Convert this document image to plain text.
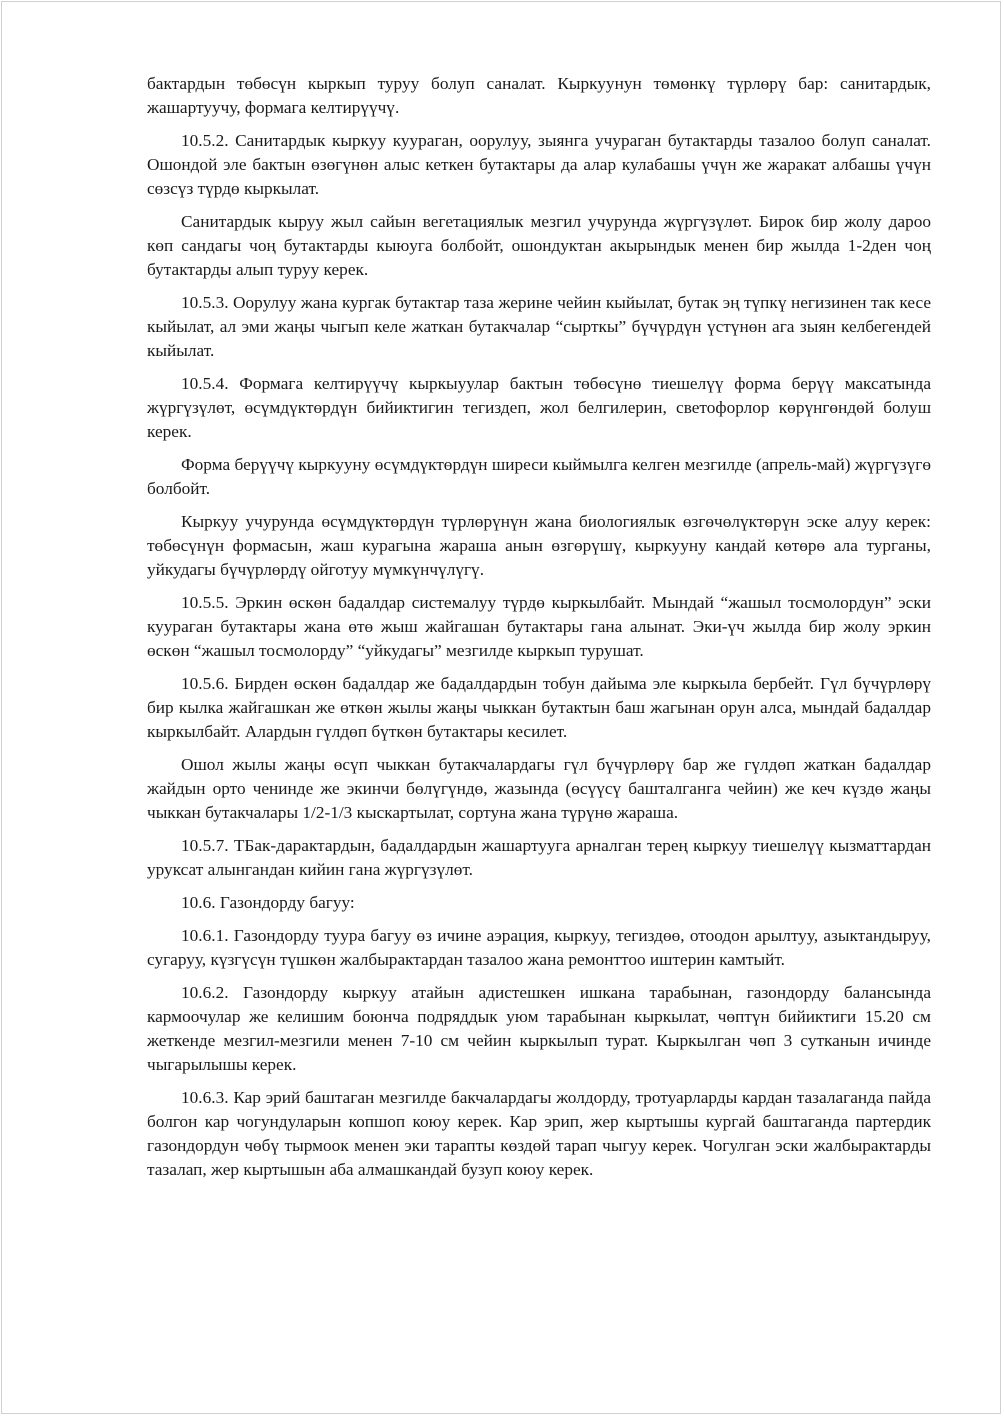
бактардын төбөсүн кыркып туруу болуп саналат. Кыркуунун төмөнкү түрлөрү бар: санитардык, жашартуучу, формага келтирүүчү.

10.5.2. Санитардык кыркуу куураган, оорулуу, зыянга учураган бутактарды тазалоо болуп саналат. Ошондой эле бактын өзөгүнөн алыс кеткен бутактары да алар кулабашы үчүн же жаракат албашы үчүн сөзсүз түрдө кыркылат.

Санитардык кыруу жыл сайын вегетациялык мезгил учурунда жүргүзүлөт. Бирок бир жолу дароо көп сандагы чоң бутактарды кыюуга болбойт, ошондуктан акырындык менен бир жылда 1-2ден чоң бутактарды алып туруу керек.

10.5.3. Оорулуу жана кургак бутактар таза жерине чейин кыйылат, бутак эң түпкү негизинен так кесе кыйылат, ал эми жаңы чыгып келе жаткан бутакчалар “сырткы” бүчүрдүн үстүнөн ага зыян келбегендей кыйылат.

10.5.4. Формага келтирүүчү кыркыуулар бактын төбөсүнө тиешелүү форма берүү максатында жүргүзүлөт, өсүмдүктөрдүн бийиктигин тегиздеп, жол белгилерин, светофорлор көрүнгөндөй болуш керек.

Форма берүүчү кыркууну өсүмдүктөрдүн ширеси кыймылга келген мезгилде (апрель-май) жүргүзүгө болбойт.

Кыркуу учурунда өсүмдүктөрдүн түрлөрүнүн жана биологиялык өзгөчөлүктөрүн эске алуу керек: төбөсүнүн формасын, жаш курагына жараша анын өзгөрүшү, кыркууну кандай көтөрө ала турганы, уйкудагы бүчүрлөрдү ойготуу мүмкүнчүлүгү.

10.5.5. Эркин өскөн бадалдар системалуу түрдө кыркылбайт. Мындай “жашыл тосмолордун” эски куураган бутактары жана өтө жыш жайгашан бутактары гана алынат. Эки-үч жылда бир жолу эркин өскөн “жашыл тосмолорду” “уйкудагы” мезгилде кыркып турушат.

10.5.6. Бирден өскөн бадалдар же бадалдардын тобун дайыма эле кыркыла бербейт. Гүл бүчүрлөрү бир кылка жайгашкан же өткөн жылы жаңы чыккан бутактын баш жагынан орун алса, мындай бадалдар кыркылбайт. Алардын гүлдөп бүткөн бутактары кесилет.

Ошол жылы жаңы өсүп чыккан бутакчалардагы гүл бүчүрлөрү бар же гүлдөп жаткан бадалдар жайдын орто ченинде же экинчи бөлүгүндө, жазында (өсүүсү башталганга чейин) же кеч күздө жаңы чыккан бутакчалары 1/2-1/3 кыскартылат, сортуна жана түрүнө жараша.

10.5.7. ТБак-дарактардын, бадалдардын жашартууга арналган терең кыркуу тиешелүү кызматтардан уруксат алынгандан кийин гана жүргүзүлөт.

10.6. Газондорду багуу:

10.6.1. Газондорду туура багуу өз ичине аэрация, кыркуу, тегиздөө, отоодон арылтуу, азыктандыруу, сугаруу, күзгүсүн түшкөн жалбырактардан тазалоо жана ремонттоо иштерин камтыйт.

10.6.2. Газондорду кыркуу атайын адистешкен ишкана тарабынан, газондорду балансында кармоочулар же келишим боюнча подряддык уюм тарабынан кыркылат, чөптүн бийиктиги 15.20 см жеткенде мезгил-мезгили менен 7-10 см чейин кыркылып турат. Кыркылган чөп 3 сутканын ичинде чыгарылышы керек.

10.6.3. Кар эрий баштаган мезгилде бакчалардагы жолдорду, тротуарларды кардан тазалаганда пайда болгон кар чогундуларын копшоп коюу керек. Кар эрип, жер кыртышы кургай баштаганда партердик газондордун чөбү тырмоок менен эки тарапты көздөй тарап чыгуу керек. Чогулган эски жалбырактарды тазалап, жер кыртышын аба алмашкандай бузуп коюу керек.
